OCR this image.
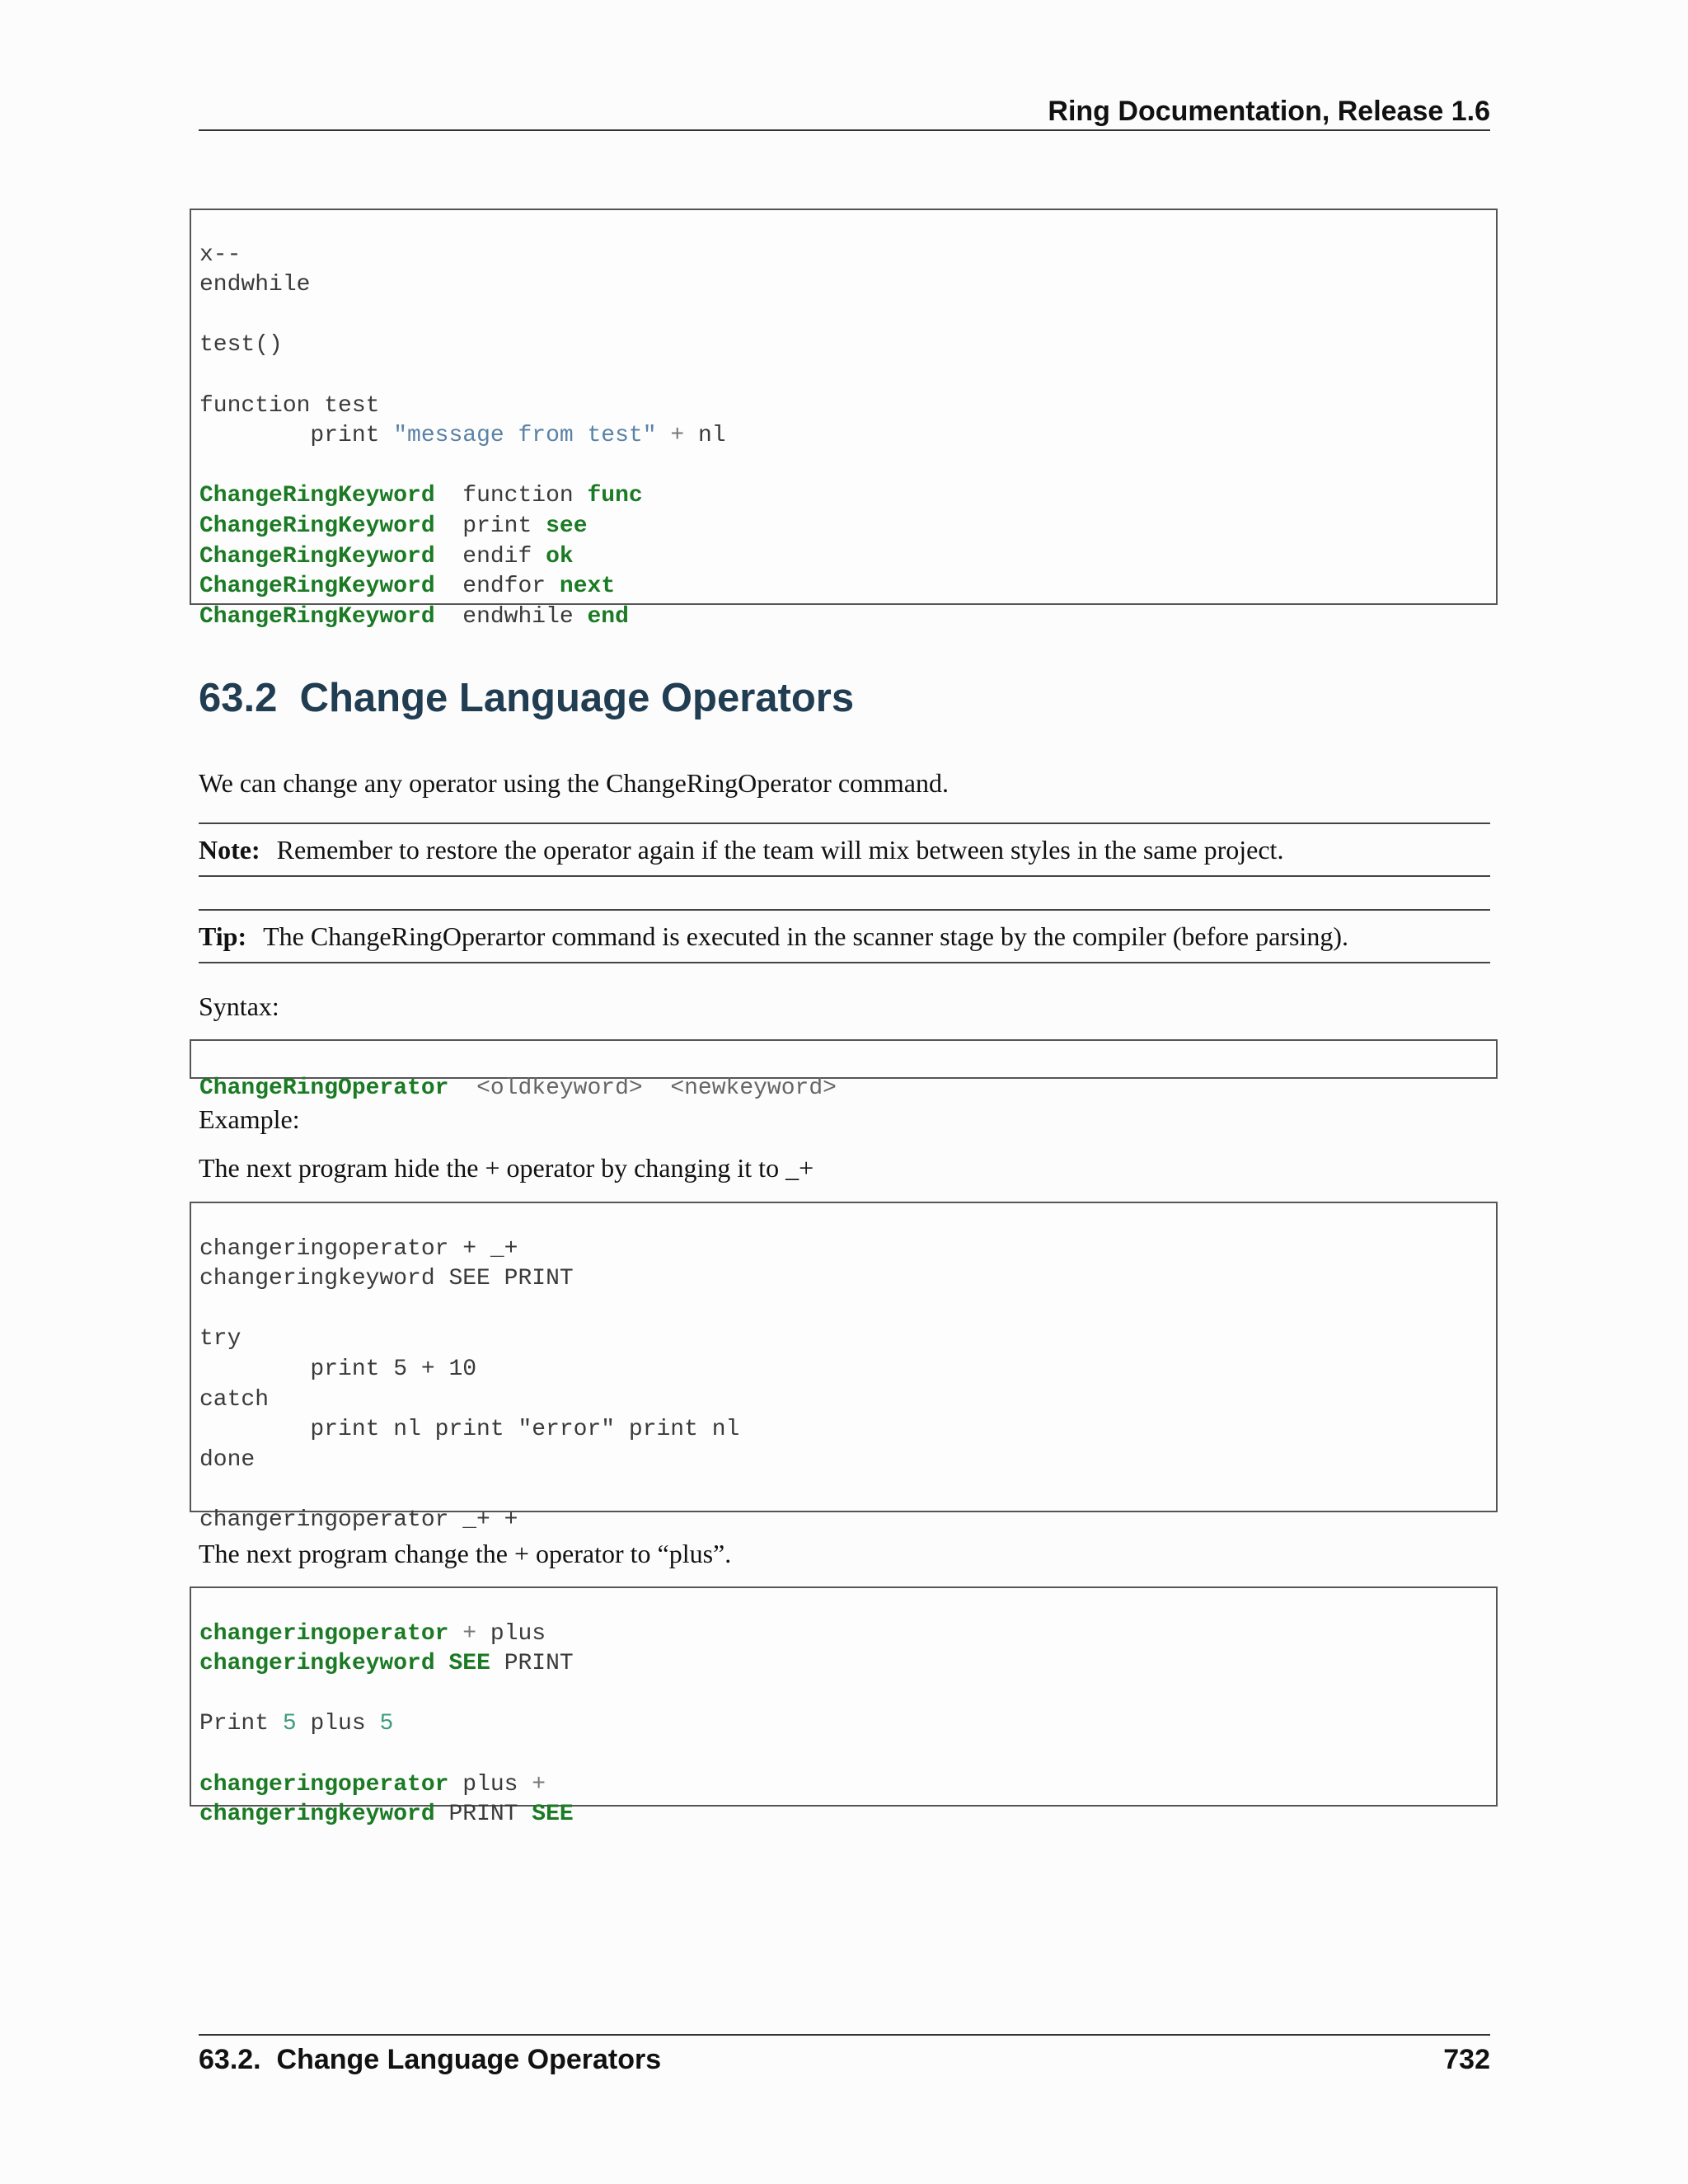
Ring Documentation, Release 1.6

x--
endwhile
test()
function test
print "message from test" + nl
ChangeRingKeyword function func
ChangeRingKeyword print see
ChangeRingKeyword endif ok
ChangeRingKeyword endfor next
ChangeRingKeyword endwhile end
63.2 Change Language Operators
We can change any operator using the ChangeRingOperator command.
Note: Remember to restore the operator again if the team will mix between styles in the same project.
Tip: The ChangeRingOperartor command is executed in the scanner stage by the compiler (before parsing).
Syntax:

ChangeRingOperator <oldkeyword> <newkeyword>
Example:
The next program hide the + operator by changing it to _+

changeringoperator + _+
changeringkeyword SEE PRINT
try
print 5 + 10
catch
print nl print "error" print nl
done
changeringoperator _+ +
The next program change the + operator to “plus”.

changeringoperator + plus
changeringkeyword SEE PRINT
Print 5 plus 5
changeringoperator plus +
changeringkeyword PRINT SEE
63.2.  Change Language Operators	732
